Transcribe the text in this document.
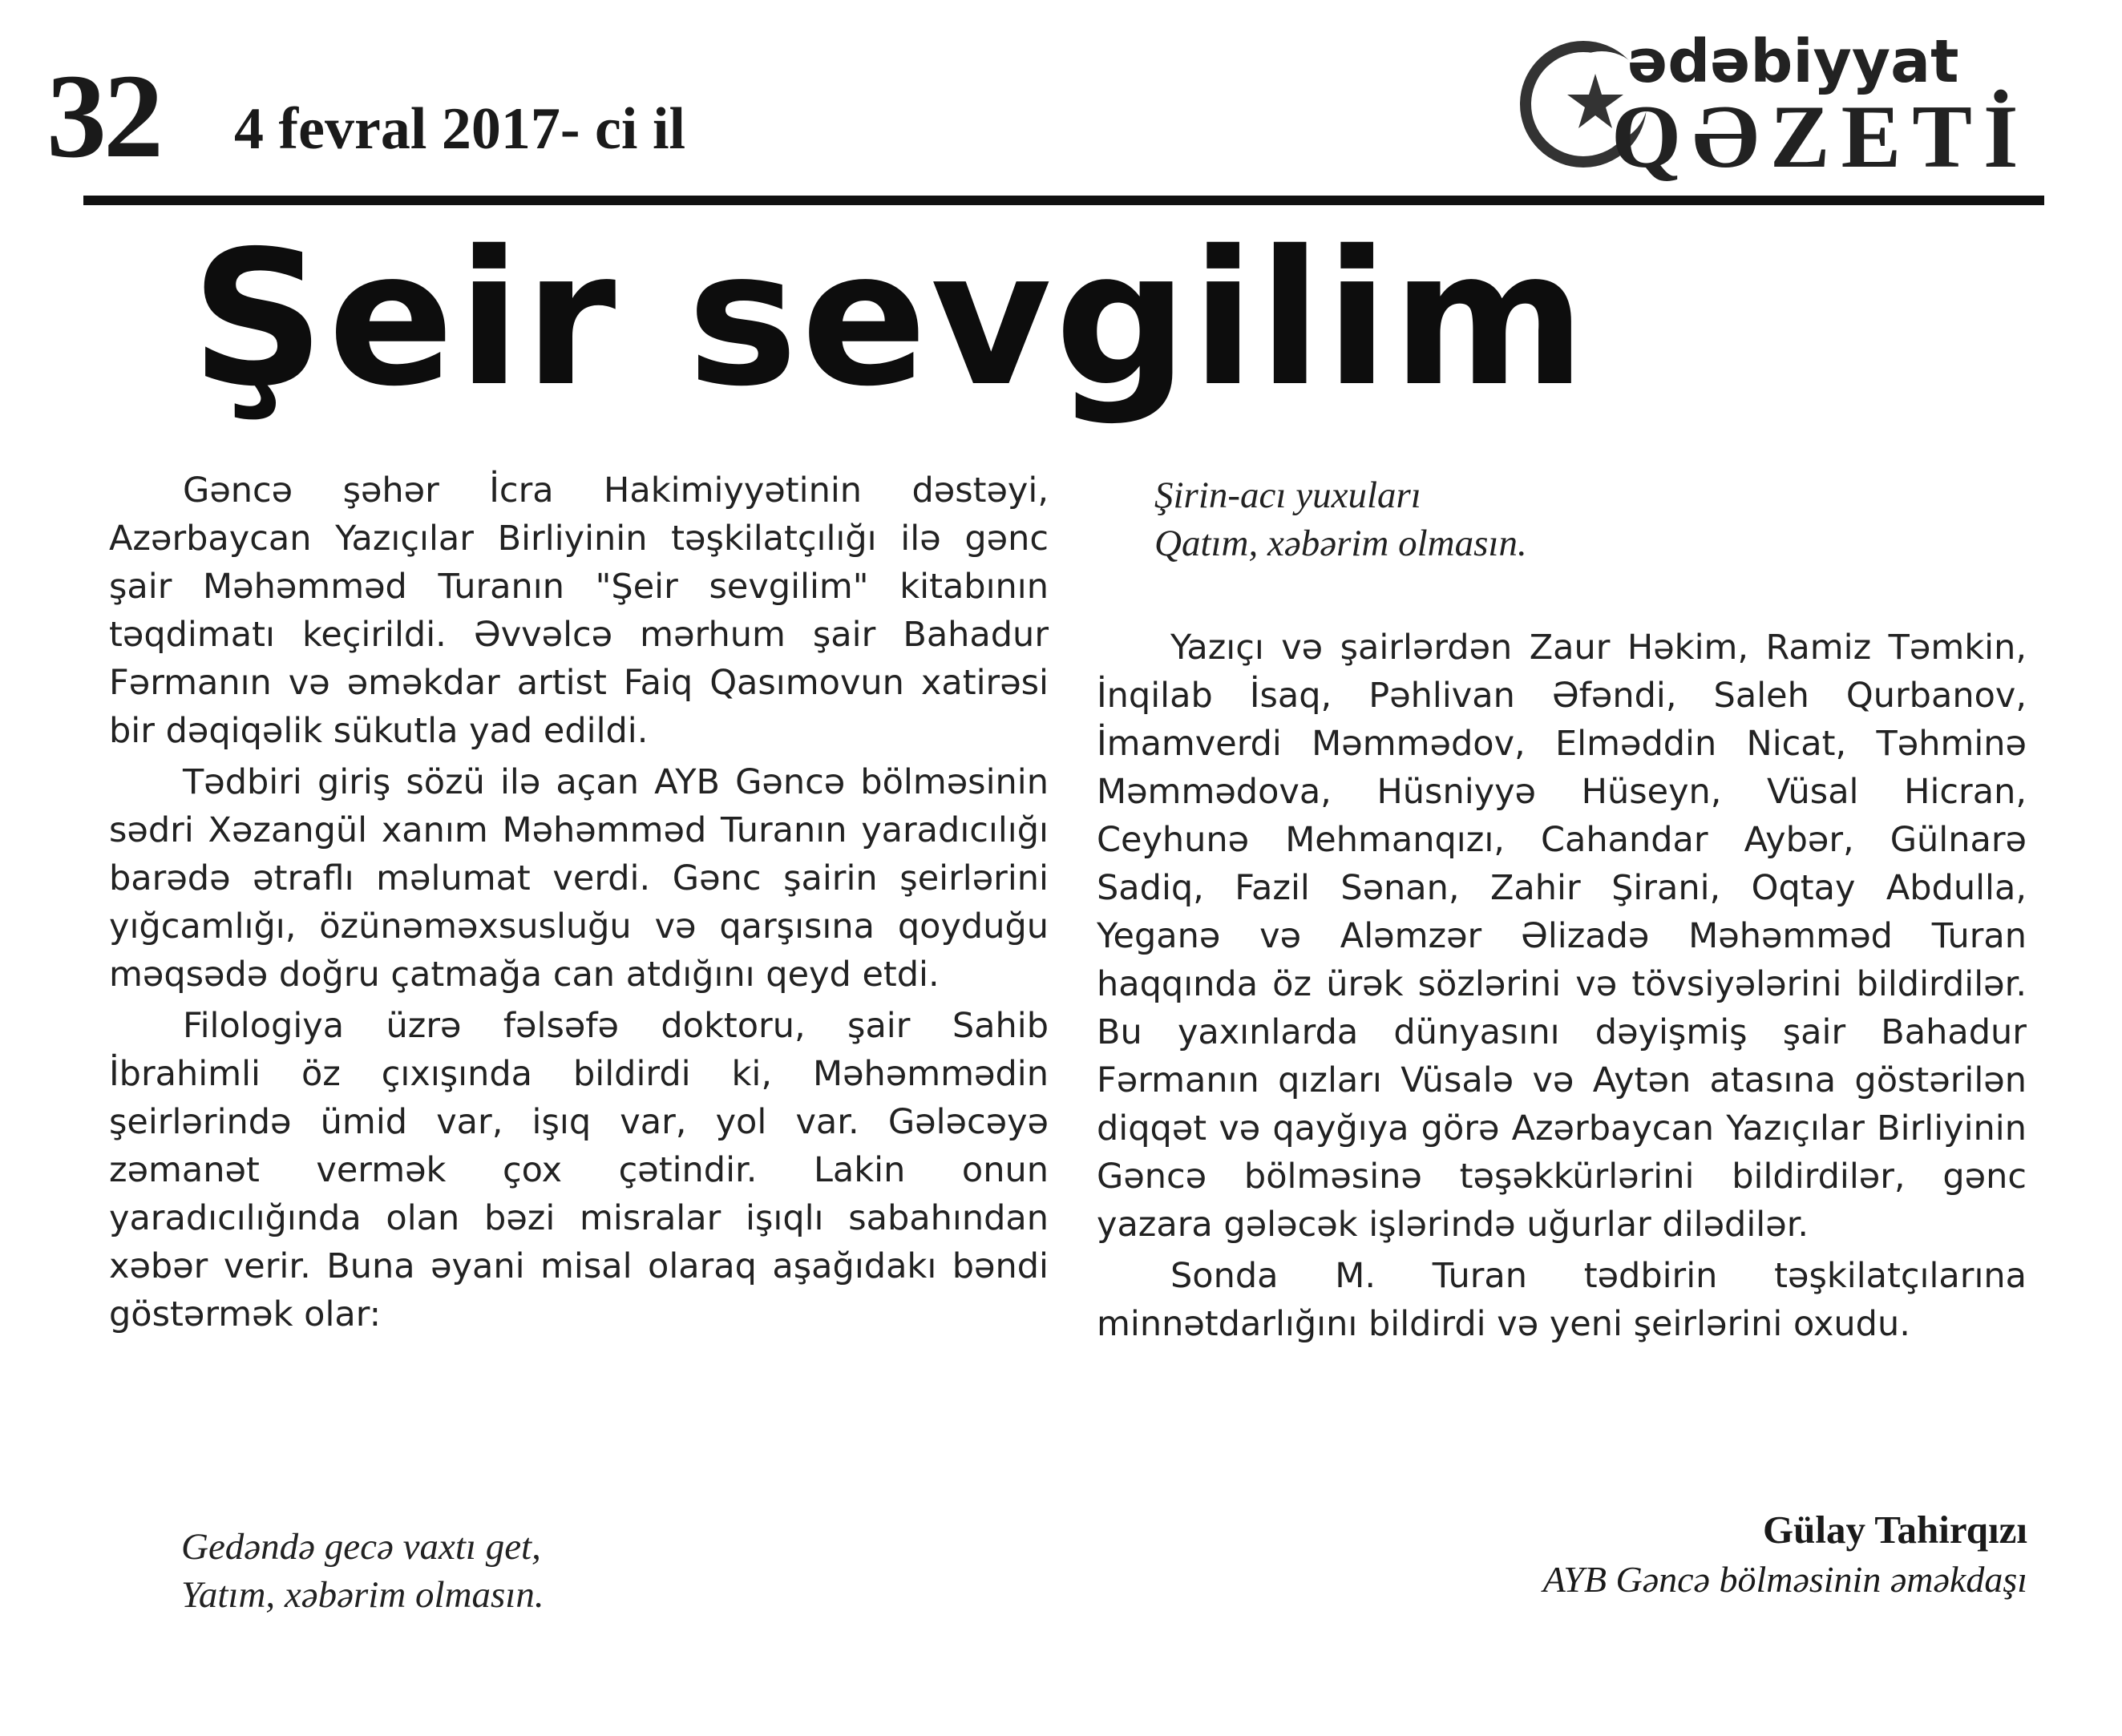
32 4 fevral 2017- ci il
ədəbiyyat
QƏZETİ
Şeir sevgilim

Gəncə şəhər İcra Hakimiyyətinin dəstəyi, Azərbaycan Yazıçılar Birliyinin təşkilatçılığı ilə gənc şair Məhəmməd Turanın "Şeir sevgilim" kitabının təqdimatı keçirildi. Əvvəlcə mərhum şair Bahadur Fərmanın və əməkdar artist Faiq Qasımovun xatirəsi bir dəqiqəlik sükutla yad edildi.

Tədbiri giriş sözü ilə açan AYB Gəncə bölməsinin sədri Xəzangül xanım Məhəmməd Turanın yaradıcılığı barədə ətraflı məlumat verdi. Gənc şairin şeirlərini yığcamlığı, özünəməxsusluğu və qarşısına qoyduğu məqsədə doğru çatmağa can atdığını qeyd etdi.

Filologiya üzrə fəlsəfə doktoru, şair Sahib İbrahimli öz çıxışında bildirdi ki, Məhəmmədin şeirlərində ümid var, işıq var, yol var. Gələcəyə zəmanət vermək çox çətindir. Lakin onun yaradıcılığında olan bəzi misralar işıqlı sabahından xəbər verir. Buna əyani misal olaraq aşağıdakı bəndi göstərmək olar:

Gedəndə gecə vaxtı get,
Yatım, xəbərim olmasın.
Şirin-acı yuxuları
Qatım, xəbərim olmasın.

Yazıçı və şairlərdən Zaur Həkim, Ramiz Təmkin, İnqilab İsaq, Pəhlivan Əfəndi, Saleh Qurbanov, İmamverdi Məmmədov, Elməddin Nicat, Təhminə Məmmədova, Hüsniyyə Hüseyn, Vüsal Hicran, Ceyhunə Mehmanqızı, Cahandar Aybər, Gülnarə Sadiq, Fazil Sənan, Zahir Şirani, Oqtay Abdulla, Yeganə və Aləmzər Əlizadə Məhəmməd Turan haqqında öz ürək sözlərini və tövsiyələrini bildirdilər. Bu yaxınlarda dünyasını dəyişmiş şair Bahadur Fərmanın qızları Vüsalə və Aytən atasına göstərilən diqqət və qayğıya görə Azərbaycan Yazıçılar Birliyinin Gəncə bölməsinə təşəkkürlərini bildirdilər, gənc yazara gələcək işlərində uğurlar dilədilər.

Sonda M. Turan tədbirin təşkilatçılarına minnətdarlığını bildirdi və yeni şeirlərini oxudu.

Gülay Tahirqızı
AYB Gəncə bölməsinin əməkdaşı
